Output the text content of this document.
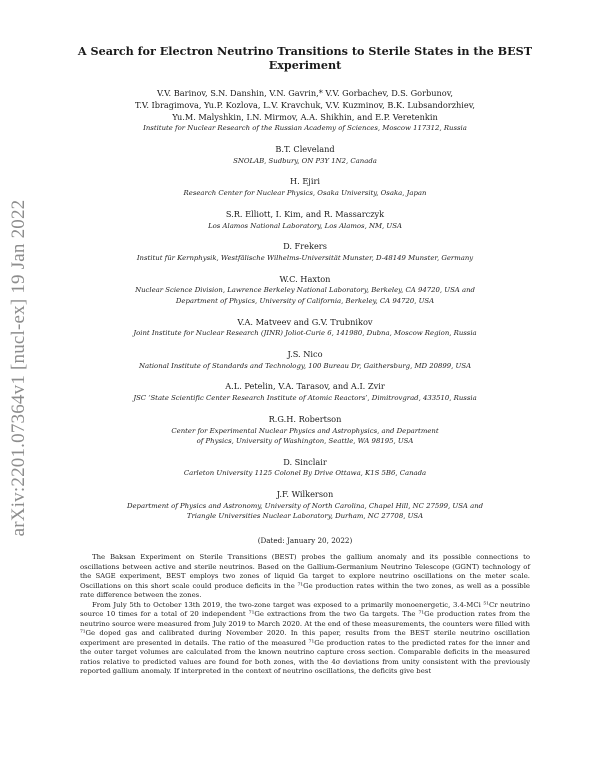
arXiv:2201.07364v1 [nucl-ex] 19 Jan 2022
A Search for Electron Neutrino Transitions to Sterile States in the BEST Experiment
V.V. Barinov, S.N. Danshin, V.N. Gavrin,* V.V. Gorbachev, D.S. Gorbunov,
T.V. Ibragimova, Yu.P. Kozlova, L.V. Kravchuk, V.V. Kuzminov, B.K. Lubsandorzhiev,
Yu.M. Malyshkin, I.N. Mirmov, A.A. Shikhin, and E.P. Veretenkin
Institute for Nuclear Research of the Russian Academy of Sciences, Moscow 117312, Russia
B.T. Cleveland
SNOLAB, Sudbury, ON P3Y 1N2, Canada
H. Ejiri
Research Center for Nuclear Physics, Osaka University, Osaka, Japan
S.R. Elliott, I. Kim, and R. Massarczyk
Los Alamos National Laboratory, Los Alamos, NM, USA
D. Frekers
Institut für Kernphysik, Westfälische Wilhelms-Universität Munster, D-48149 Munster, Germany
W.C. Haxton
Nuclear Science Division, Lawrence Berkeley National Laboratory, Berkeley, CA 94720, USA and
Department of Physics, University of California, Berkeley, CA 94720, USA
V.A. Matveev and G.V. Trubnikov
Joint Institute for Nuclear Research (JINR) Joliot-Curie 6, 141980, Dubna, Moscow Region, Russia
J.S. Nico
National Institute of Standards and Technology, 100 Bureau Dr, Gaithersburg, MD 20899, USA
A.L. Petelin, V.A. Tarasov, and A.I. Zvir
JSC ‘State Scientific Center Research Institute of Atomic Reactors’, Dimitrovgrad, 433510, Russia
R.G.H. Robertson
Center for Experimental Nuclear Physics and Astrophysics, and Department
of Physics, University of Washington, Seattle, WA 98195, USA
D. Sinclair
Carleton University 1125 Colonel By Drive Ottawa, K1S 5B6, Canada
J.F. Wilkerson
Department of Physics and Astronomy, University of North Carolina, Chapel Hill, NC 27599, USA and
Triangle Universities Nuclear Laboratory, Durham, NC 27708, USA
(Dated: January 20, 2022)

The Baksan Experiment on Sterile Transitions (BEST) probes the gallium anomaly and its possible connections to oscillations between active and sterile neutrinos. Based on the Gallium-Germanium Neutrino Telescope (GGNT) technology of the SAGE experiment, BEST employs two zones of liquid Ga target to explore neutrino oscillations on the meter scale. Oscillations on this short scale could produce deficits in the ⁷¹Ge production rates within the two zones, as well as a possible rate difference between the zones.

From July 5th to October 13th 2019, the two-zone target was exposed to a primarily monoenergetic, 3.4-MCi ⁵¹Cr neutrino source 10 times for a total of 20 independent ⁷¹Ge extractions from the two Ga targets. The ⁷¹Ge production rates from the neutrino source were measured from July 2019 to March 2020. At the end of these measurements, the counters were filled with ⁷¹Ge doped gas and calibrated during November 2020. In this paper, results from the BEST sterile neutrino oscillation experiment are presented in details. The ratio of the measured ⁷¹Ge production rates to the predicted rates for the inner and the outer target volumes are calculated from the known neutrino capture cross section. Comparable deficits in the measured ratios relative to predicted values are found for both zones, with the 4σ deviations from unity consistent with the previously reported gallium anomaly. If interpreted in the context of neutrino oscillations, the deficits give best
